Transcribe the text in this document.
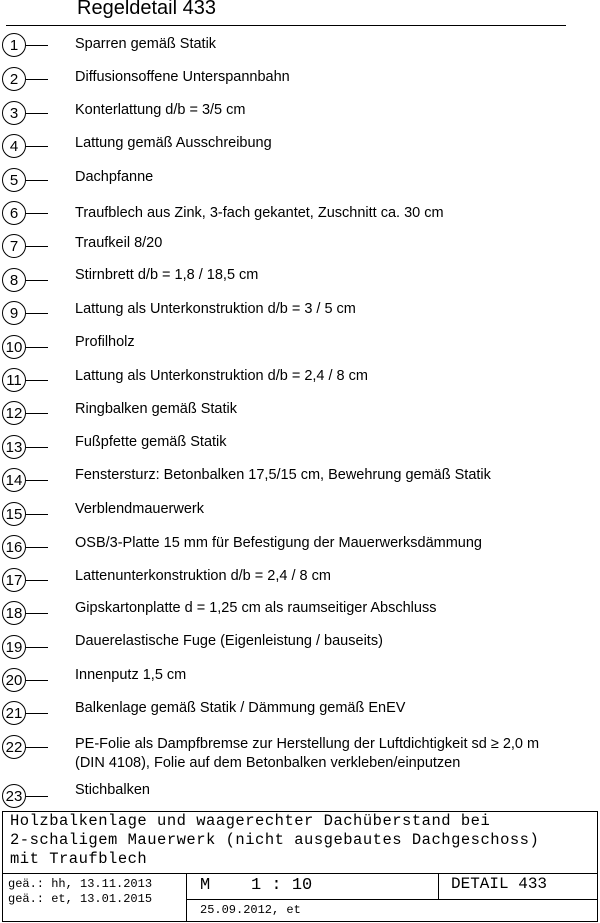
Regeldetail 433
1	Sparren gemäß Statik
2	Diffusionsoffene Unterspannbahn
3	Konterlattung d/b = 3/5 cm
4	Lattung gemäß Ausschreibung
5	Dachpfanne
6	Traufblech aus Zink, 3-fach gekantet, Zuschnitt ca. 30 cm
7	Traufkeil 8/20
8	Stirnbrett d/b = 1,8 / 18,5 cm
9	Lattung als Unterkonstruktion d/b = 3 / 5 cm
10	Profilholz
11	Lattung als Unterkonstruktion d/b = 2,4 / 8 cm
12	Ringbalken gemäß Statik
13	Fußpfette gemäß Statik
14	Fenstersturz: Betonbalken 17,5/15 cm, Bewehrung gemäß Statik
15	Verblendmauerwerk
16	OSB/3-Platte 15 mm für Befestigung der Mauerwerksdämmung
17	Lattenunterkonstruktion d/b = 2,4 / 8 cm
18	Gipskartonplatte d = 1,25 cm als raumseitiger Abschluss
19	Dauerelastische Fuge (Eigenleistung / bauseits)
20	Innenputz 1,5 cm
21	Balkenlage gemäß Statik / Dämmung gemäß EnEV
22	PE-Folie als Dampfbremse zur Herstellung der Luftdichtigkeit sd ≥ 2,0 m
(DIN 4108), Folie auf dem Betonbalken verkleben/einputzen
23	Stichbalken
Holzbalkenlage und waagerechter Dachüberstand bei
2-schaligem Mauerwerk (nicht ausgebautes Dachgeschoss)
mit Traufblech
geä.: hh, 13.11.2013
geä.: et, 13.01.2015
M    1 : 10
25.09.2012, et
DETAIL 433
